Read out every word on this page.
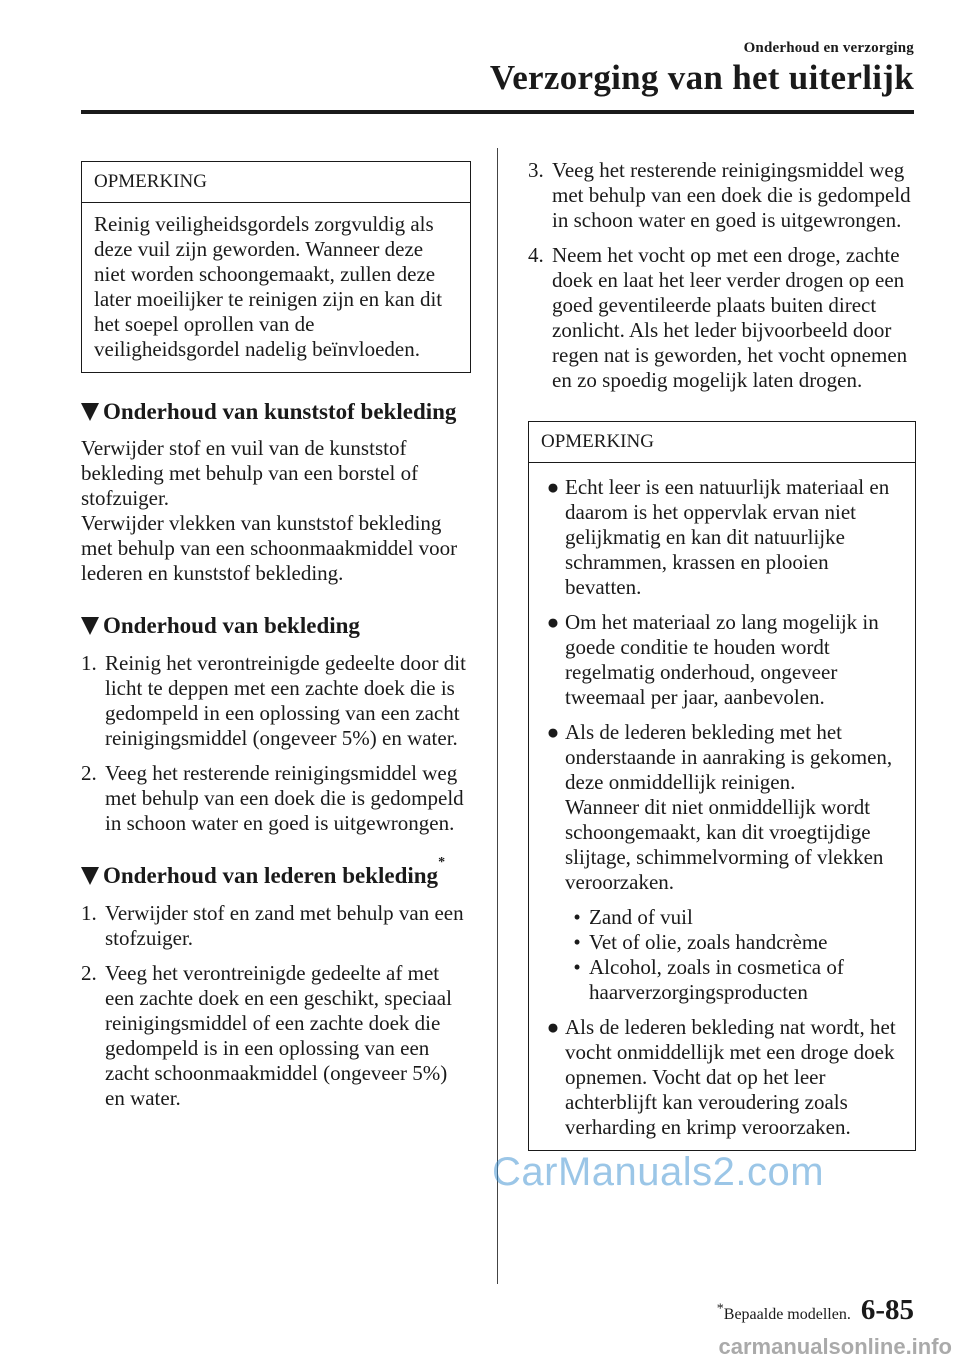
Onderhoud en verzorging
Verzorging van het uiterlijk
OPMERKING
Reinig veiligheidsgordels zorgvuldig als deze vuil zijn geworden. Wanneer deze niet worden schoongemaakt, zullen deze later moeilijker te reinigen zijn en kan dit het soepel oprollen van de veiligheidsgordel nadelig beïnvloeden.
Onderhoud van kunststof bekleding

Verwijder stof en vuil van de kunststof bekleding met behulp van een borstel of stofzuiger.

Verwijder vlekken van kunststof bekleding met behulp van een schoonmaakmiddel voor lederen en kunststof bekleding.

Onderhoud van bekleding
1. Reinig het verontreinigde gedeelte door dit licht te deppen met een zachte doek die is gedompeld in een oplossing van een zacht reinigingsmiddel (ongeveer 5%) en water.
2. Veeg het resterende reinigingsmiddel weg met behulp van een doek die is gedompeld in schoon water en goed is uitgewrongen.
Onderhoud van lederen bekleding
*
1. Verwijder stof en zand met behulp van een stofzuiger.
2. Veeg het verontreinigde gedeelte af met een zachte doek en een geschikt, speciaal reinigingsmiddel of een zachte doek die gedompeld is in een oplossing van een zacht schoonmaakmiddel (ongeveer 5%) en water.
3. Veeg het resterende reinigingsmiddel weg met behulp van een doek die is gedompeld in schoon water en goed is uitgewrongen.
4. Neem het vocht op met een droge, zachte doek en laat het leer verder drogen op een goed geventileerde plaats buiten direct zonlicht. Als het leder bijvoorbeeld door regen nat is geworden, het vocht opnemen en zo spoedig mogelijk laten drogen.
OPMERKING
● Echt leer is een natuurlijk materiaal en daarom is het oppervlak ervan niet gelijkmatig en kan dit natuurlijke schrammen, krassen en plooien bevatten.
● Om het materiaal zo lang mogelijk in goede conditie te houden wordt regelmatig onderhoud, ongeveer tweemaal per jaar, aanbevolen.
● Als de lederen bekleding met het onderstaande in aanraking is gekomen, deze onmiddellijk reinigen.
Wanneer dit niet onmiddellijk wordt schoongemaakt, kan dit vroegtijdige slijtage, schimmelvorming of vlekken veroorzaken.
• Zand of vuil
• Vet of olie, zoals handcrème
• Alcohol, zoals in cosmetica of haarverzorgingsproducten
● Als de lederen bekleding nat wordt, het vocht onmiddellijk met een droge doek opnemen. Vocht dat op het leer achterblijft kan veroudering zoals verharding en krimp veroorzaken.
*Bepaalde modellen. 6-85
CarManuals2.com
carmanualsonline.info
